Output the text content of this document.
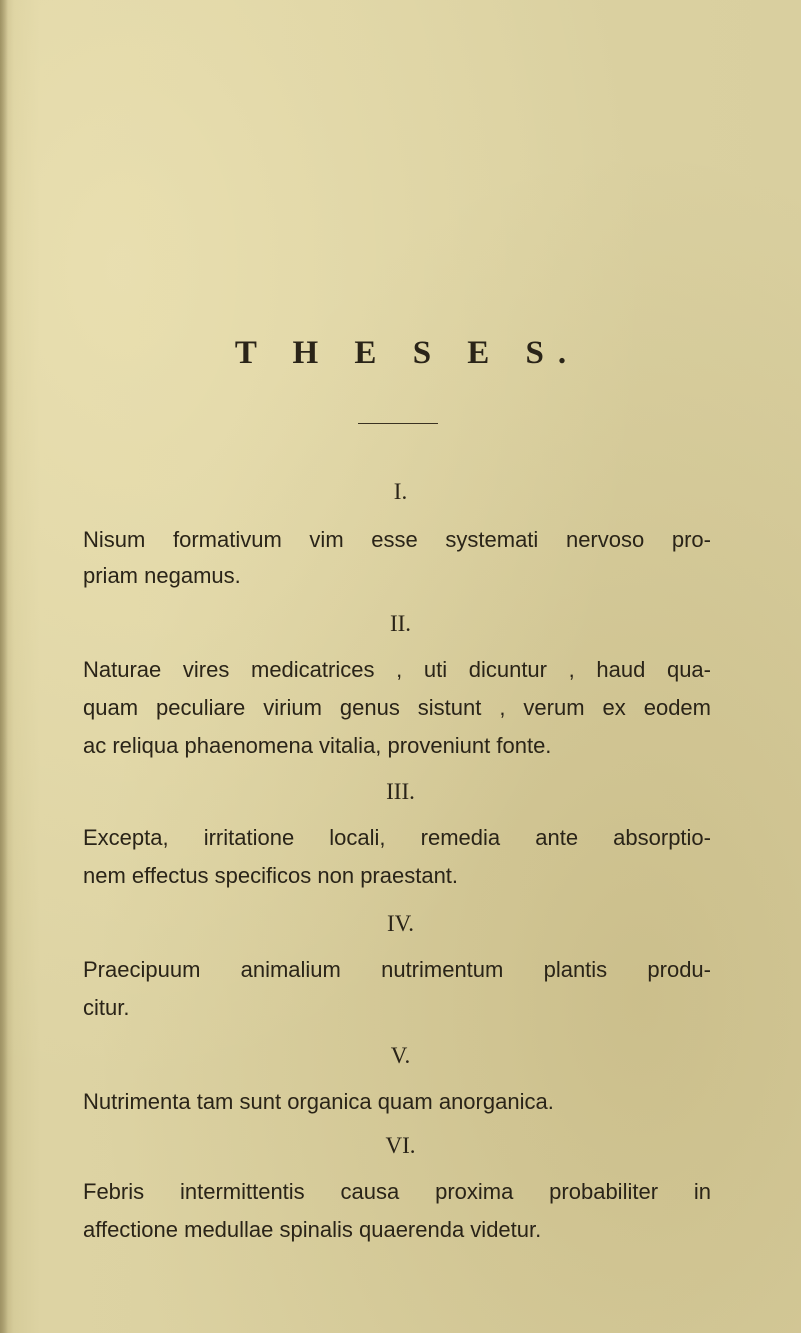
T H E S E S.
I.
Nisum formativum vim esse systemati nervoso pro-
priam negamus.
II.
Naturae vires medicatrices , uti dicuntur , haud qua-
quam peculiare virium genus sistunt , verum ex eodem
ac reliqua phaenomena vitalia, proveniunt fonte.
III.
Excepta, irritatione locali, remedia ante absorptio-
nem effectus specificos non praestant.
IV.
Praecipuum animalium nutrimentum plantis produ-
citur.
V.
Nutrimenta tam sunt organica quam anorganica.
VI.
Febris intermittentis causa proxima probabiliter in
affectione medullae spinalis quaerenda videtur.
